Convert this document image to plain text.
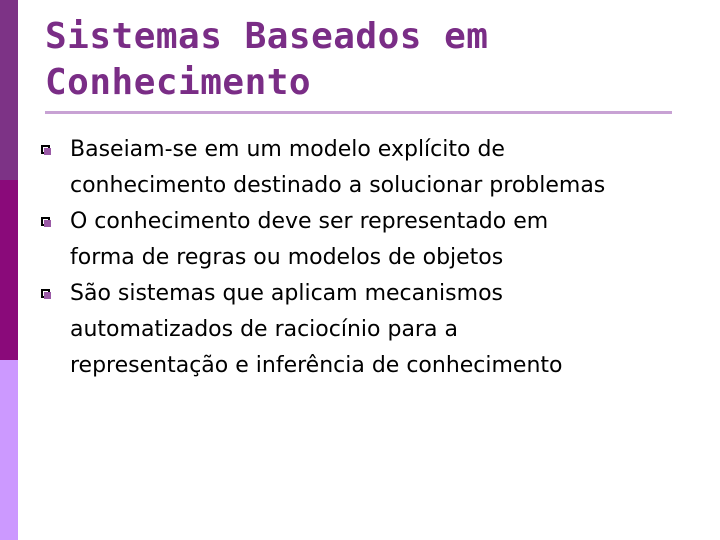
Sistemas Baseados em
Conhecimento
Baseiam-se em um modelo explícito de
conhecimento destinado a solucionar problemas
O conhecimento deve ser representado em
forma de regras ou modelos de objetos
São sistemas que aplicam mecanismos
automatizados de raciocínio para a
representação e inferência de conhecimento
